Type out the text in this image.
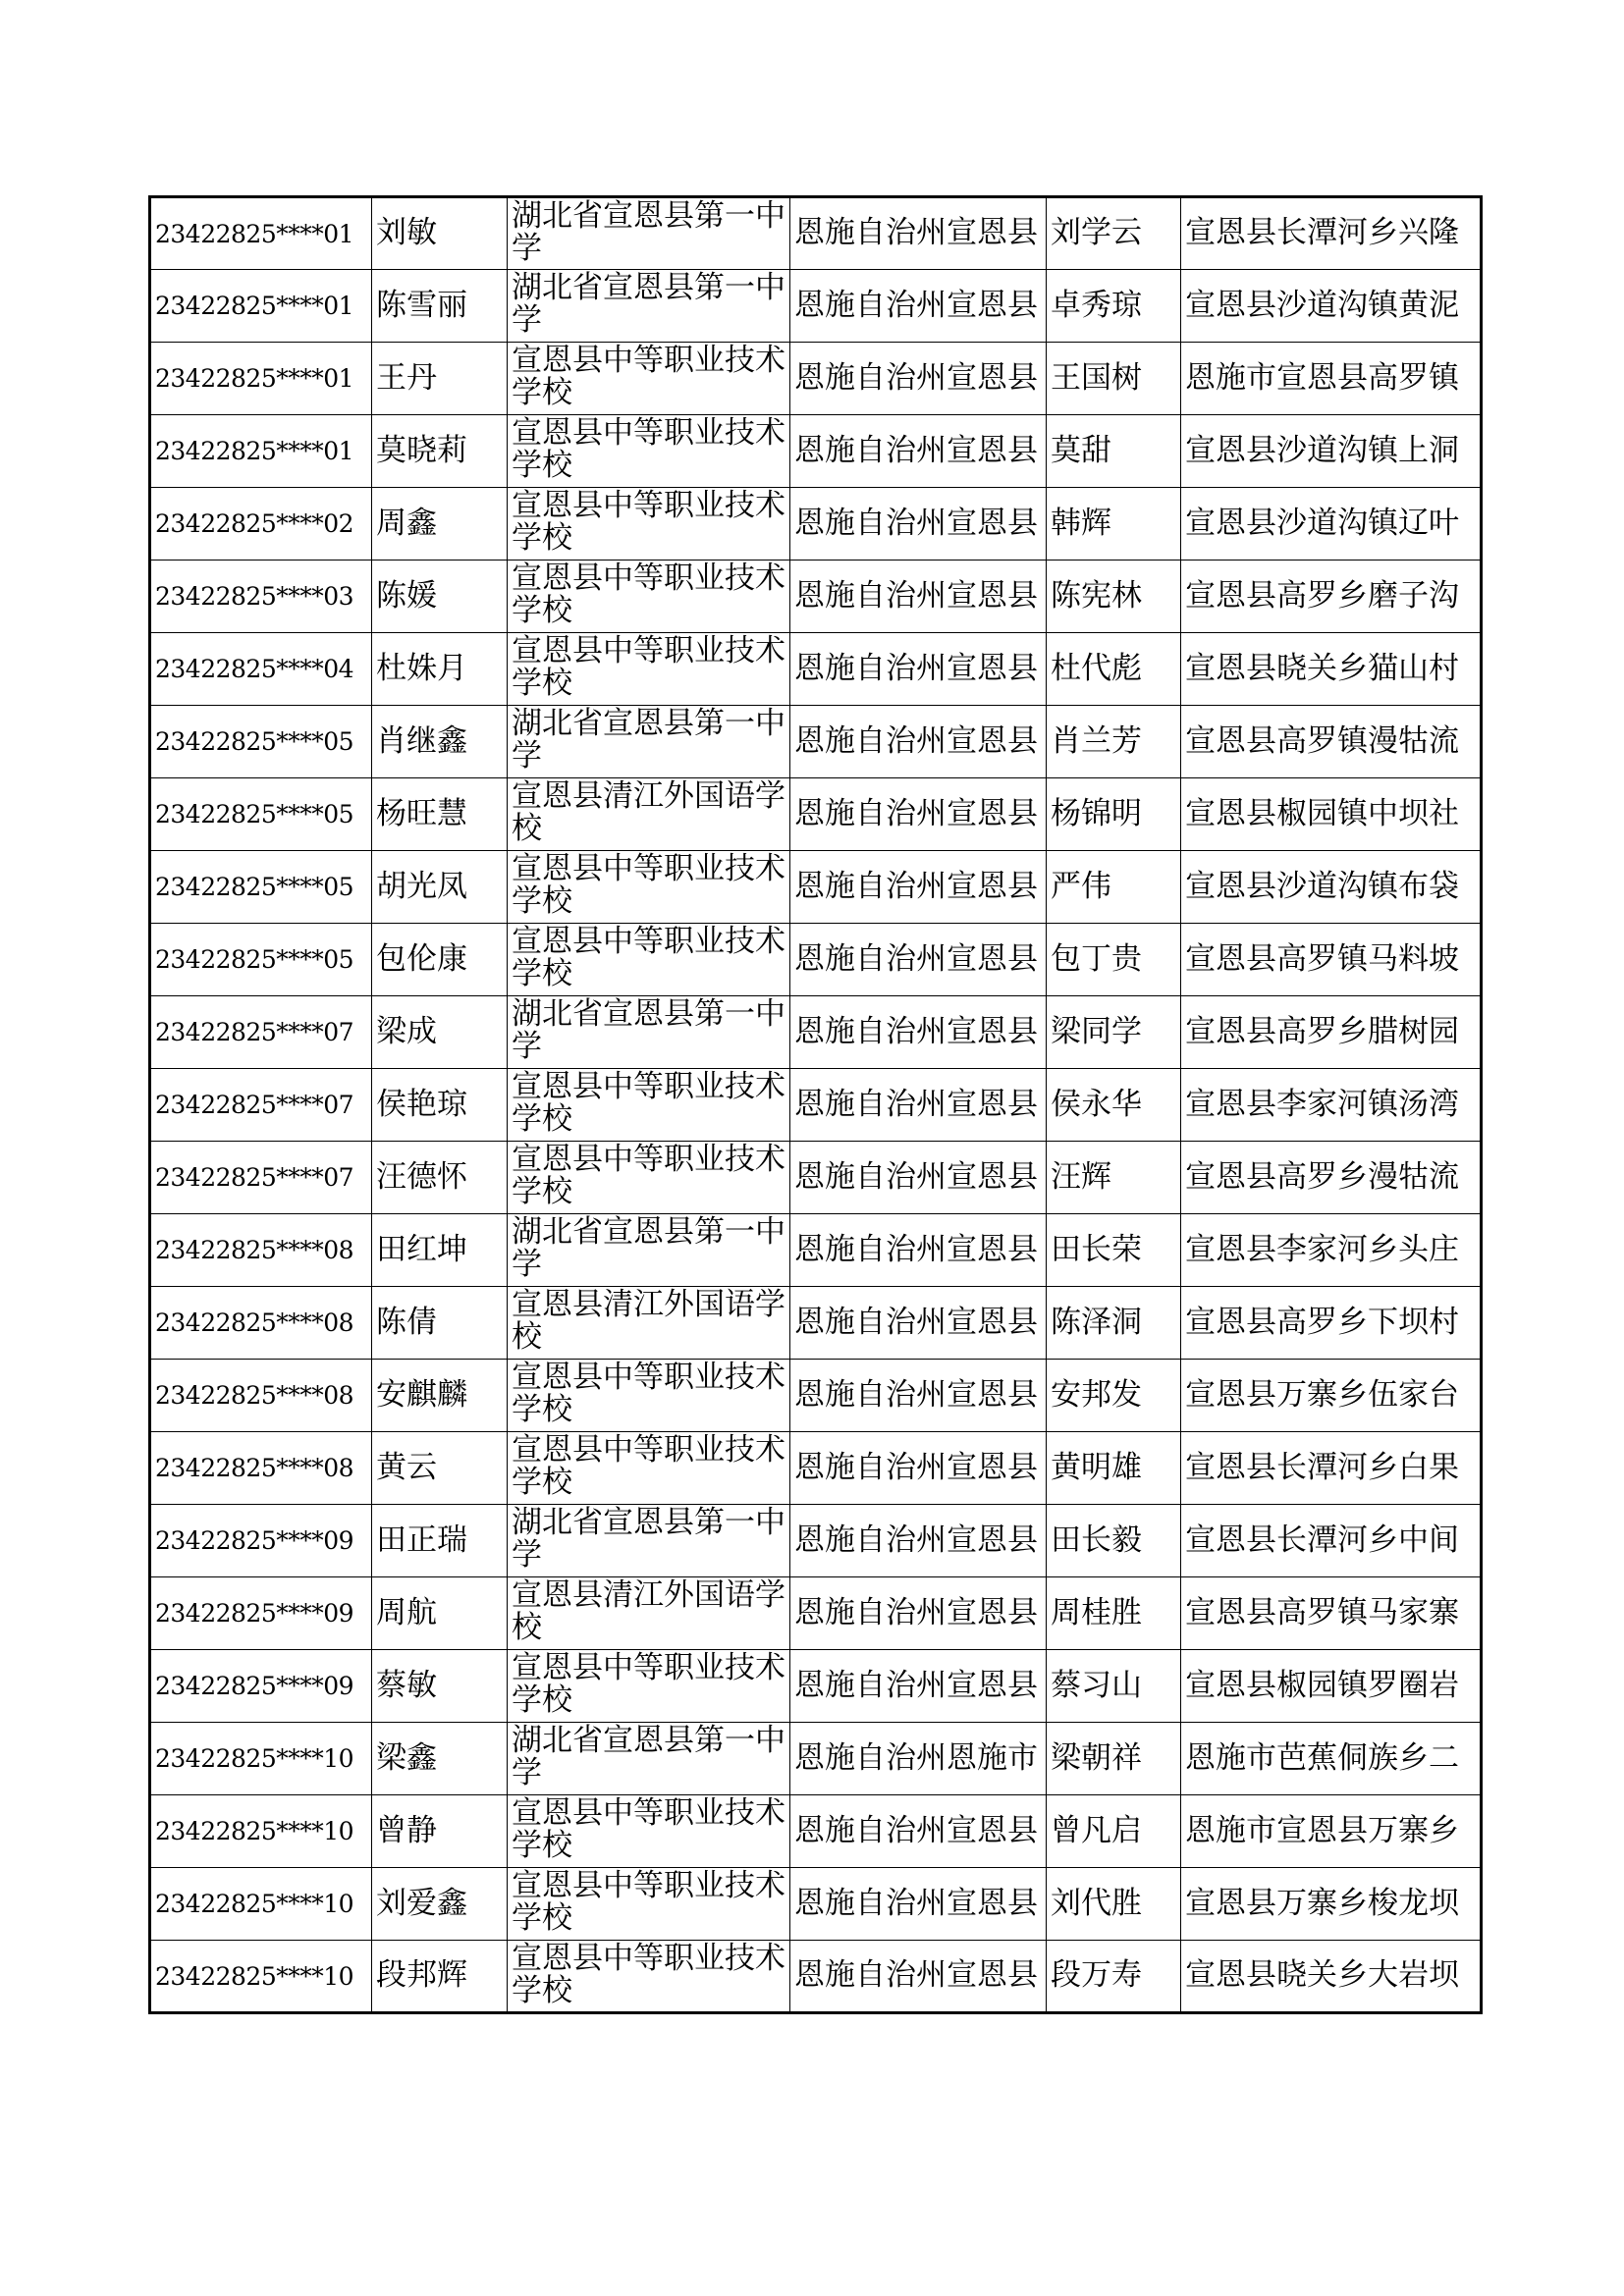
23422825****01	刘敏	湖北省宣恩县第一中学	恩施自治州宣恩县	刘学云	宣恩县长潭河乡兴隆
23422825****01	陈雪丽	湖北省宣恩县第一中学	恩施自治州宣恩县	卓秀琼	宣恩县沙道沟镇黄泥
23422825****01	王丹	宣恩县中等职业技术学校	恩施自治州宣恩县	王国树	恩施市宣恩县高罗镇
23422825****01	莫晓莉	宣恩县中等职业技术学校	恩施自治州宣恩县	莫甜	宣恩县沙道沟镇上洞
23422825****02	周鑫	宣恩县中等职业技术学校	恩施自治州宣恩县	韩辉	宣恩县沙道沟镇辽叶
23422825****03	陈媛	宣恩县中等职业技术学校	恩施自治州宣恩县	陈宪林	宣恩县高罗乡磨子沟
23422825****04	杜姝月	宣恩县中等职业技术学校	恩施自治州宣恩县	杜代彪	宣恩县晓关乡猫山村
23422825****05	肖继鑫	湖北省宣恩县第一中学	恩施自治州宣恩县	肖兰芳	宣恩县高罗镇漫牯流
23422825****05	杨旺慧	宣恩县清江外国语学校	恩施自治州宣恩县	杨锦明	宣恩县椒园镇中坝社
23422825****05	胡光凤	宣恩县中等职业技术学校	恩施自治州宣恩县	严伟	宣恩县沙道沟镇布袋
23422825****05	包伦康	宣恩县中等职业技术学校	恩施自治州宣恩县	包丁贵	宣恩县高罗镇马料坡
23422825****07	梁成	湖北省宣恩县第一中学	恩施自治州宣恩县	梁同学	宣恩县高罗乡腊树园
23422825****07	侯艳琼	宣恩县中等职业技术学校	恩施自治州宣恩县	侯永华	宣恩县李家河镇汤湾
23422825****07	汪德怀	宣恩县中等职业技术学校	恩施自治州宣恩县	汪辉	宣恩县高罗乡漫牯流
23422825****08	田红坤	湖北省宣恩县第一中学	恩施自治州宣恩县	田长荣	宣恩县李家河乡头庄
23422825****08	陈倩	宣恩县清江外国语学校	恩施自治州宣恩县	陈泽洞	宣恩县高罗乡下坝村
23422825****08	安麒麟	宣恩县中等职业技术学校	恩施自治州宣恩县	安邦发	宣恩县万寨乡伍家台
23422825****08	黄云	宣恩县中等职业技术学校	恩施自治州宣恩县	黄明雄	宣恩县长潭河乡白果
23422825****09	田正瑞	湖北省宣恩县第一中学	恩施自治州宣恩县	田长毅	宣恩县长潭河乡中间
23422825****09	周航	宣恩县清江外国语学校	恩施自治州宣恩县	周桂胜	宣恩县高罗镇马家寨
23422825****09	蔡敏	宣恩县中等职业技术学校	恩施自治州宣恩县	蔡习山	宣恩县椒园镇罗圈岩
23422825****10	梁鑫	湖北省宣恩县第一中学	恩施自治州恩施市	梁朝祥	恩施市芭蕉侗族乡二
23422825****10	曾静	宣恩县中等职业技术学校	恩施自治州宣恩县	曾凡启	恩施市宣恩县万寨乡
23422825****10	刘爱鑫	宣恩县中等职业技术学校	恩施自治州宣恩县	刘代胜	宣恩县万寨乡梭龙坝
23422825****10	段邦辉	宣恩县中等职业技术学校	恩施自治州宣恩县	段万寿	宣恩县晓关乡大岩坝
